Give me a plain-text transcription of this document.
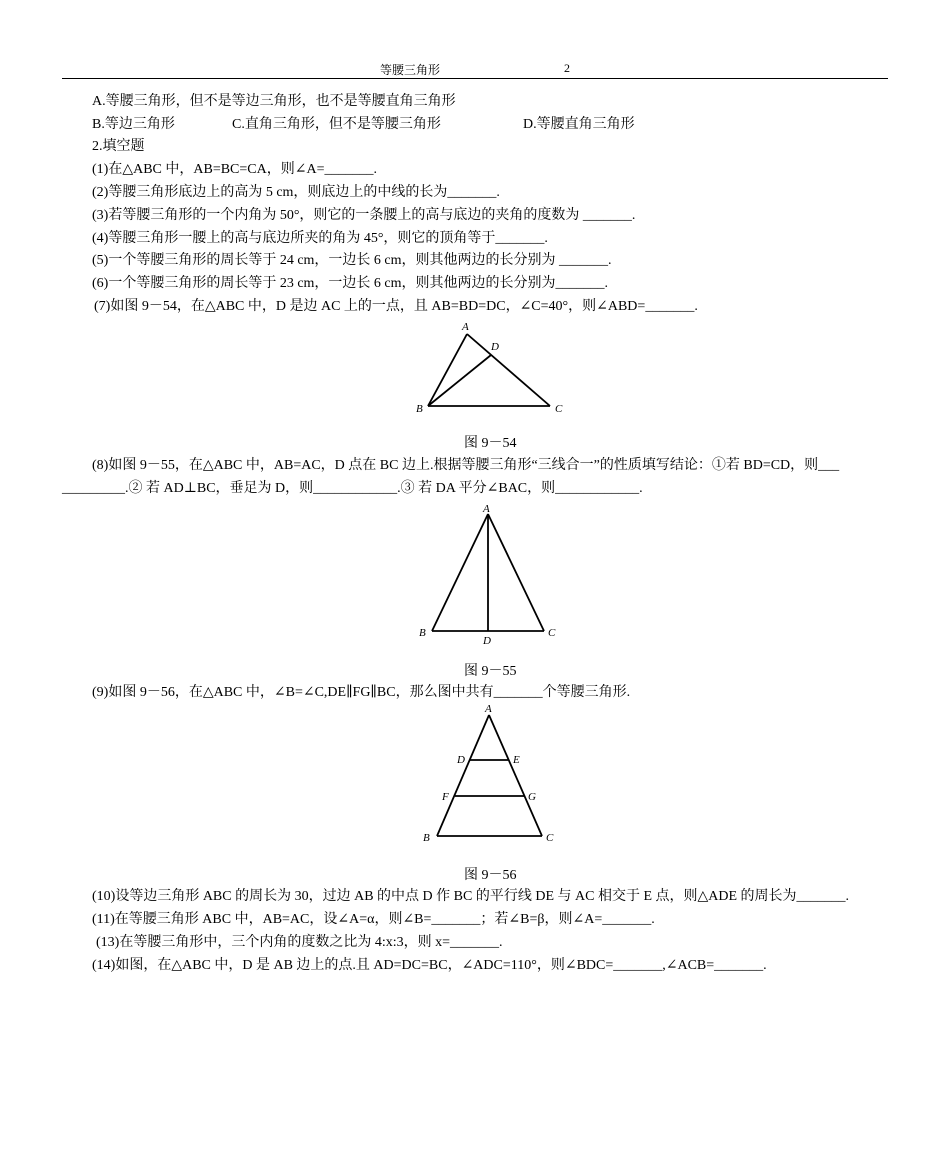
等腰三角形	2
A.等腰三角形，但不是等边三角形，也不是等腰直角三角形
B.等边三角形	C.直角三角形，但不是等腰三角形	D.等腰直角三角形
2.填空题
(1)在△ABC 中，AB=BC=CA，则∠A=_______.
(2)等腰三角形底边上的高为 5 cm，则底边上的中线的长为_______.
(3)若等腰三角形的一个内角为 50°，则它的一条腰上的高与底边的夹角的度数为 _______.
(4)等腰三角形一腰上的高与底边所夹的角为 45°，则它的顶角等于_______.
(5)一个等腰三角形的周长等于 24 cm，一边长 6 cm，则其他两边的长分别为 _______.
(6)一个等腰三角形的周长等于 23 cm，一边长 6 cm，则其他两边的长分别为_______.
(7)如图 9－54，在△ABC 中，D 是边 AC 上的一点，且 AB=BD=DC，∠C=40°，则∠ABD=_______.
A
B	C
D
图 9－54
(8)如图 9－55，在△ABC 中，AB=AC，D 点在 BC 边上.根据等腰三角形“三线合一”的性质填写结论：①若 BD=CD，则___
_________.② 若 AD⊥BC，垂足为 D，则____________.③ 若 DA 平分∠BAC，则____________.
A
B	C
D
图 9－55
(9)如图 9－56，在△ABC 中，∠B=∠C,DE∥FG∥BC，那么图中共有_______个等腰三角形.
A
B	C
D	E
F	G
图 9－56
(10)设等边三角形 ABC 的周长为 30，过边 AB 的中点 D 作 BC 的平行线 DE 与 AC 相交于 E 点，则△ADE 的周长为_______.
(11)在等腰三角形 ABC 中，AB=AC，设∠A=α，则∠B=_______；若∠B=β，则∠A=_______.
(13)在等腰三角形中，三个内角的度数之比为 4:x:3，则 x=_______.
(14)如图，在△ABC 中，D 是 AB 边上的点.且 AD=DC=BC，∠ADC=110°，则∠BDC=_______,∠ACB=_______.
